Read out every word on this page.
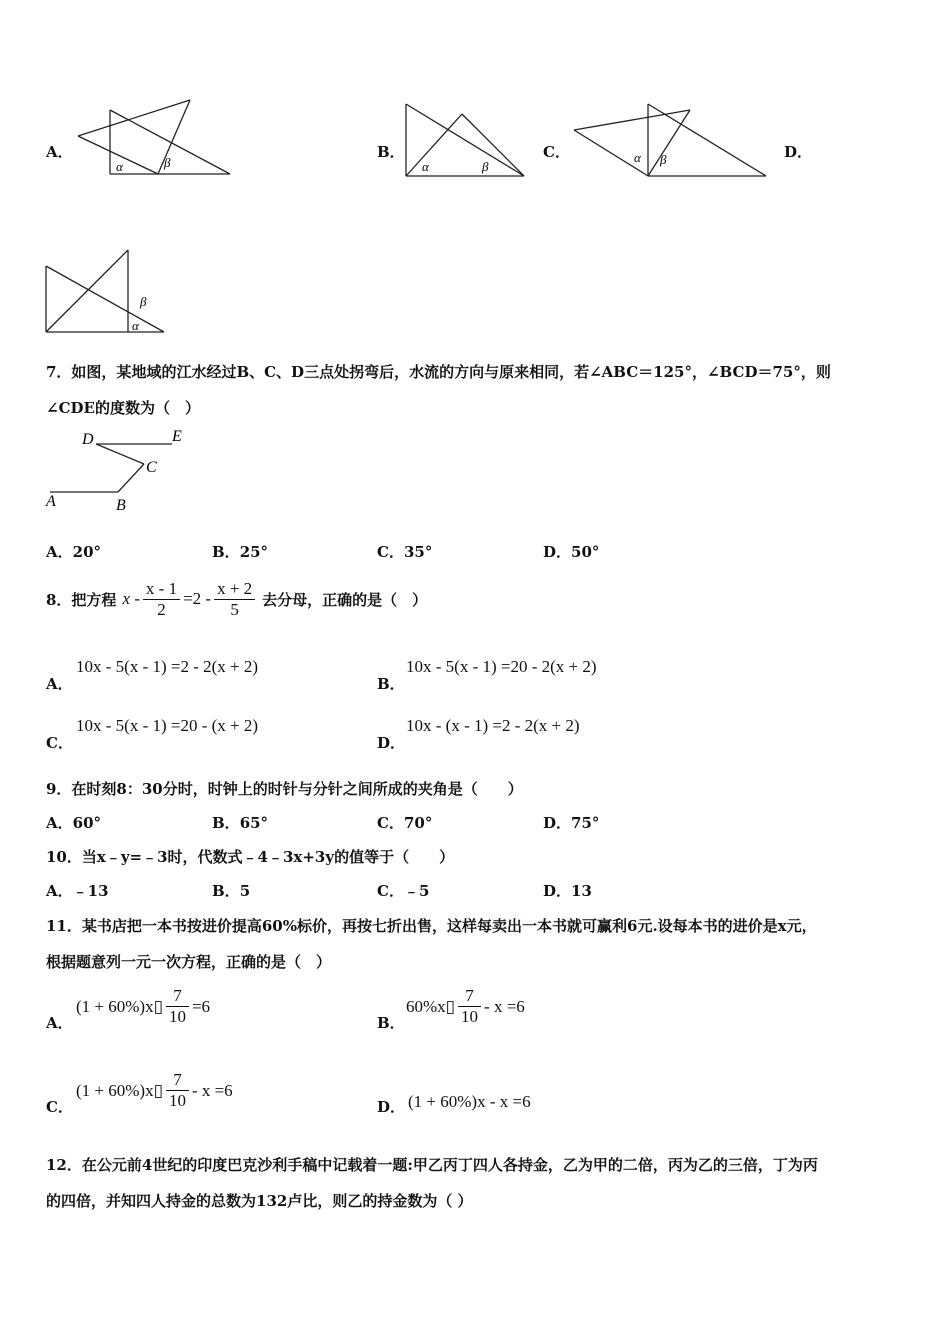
A．
α	β
B．
α	β
C．	α β	D．
α
β
7．如图，某地域的江水经过B、C、D三点处拐弯后，水流的方向与原来相同，若∠ABC＝125°，∠BCD＝75°，则
∠CDE的度数为（　）
A	B
C
D	E
A．20°	B．25°	C．35°	D．50°
8．把方程 $x - \frac{x - 1}{2} =2 - \frac{x + 2}{5}$ 去分母，正确的是（　）
A．
10x - 5(x - 1) =2 - 2(x + 2)
B．
10x - 5(x - 1) =20 - 2(x + 2)
C．
10x - 5(x - 1) =20 - (x + 2)
D．
10x - (x - 1) =2 - 2(x + 2)
9．在时刻8：30分时，时钟上的时针与分针之间所成的夹角是（　　）
A．60°	B．65°	C．70°	D．75°
10．当x﹣y=﹣3时，代数式﹣4﹣3x+3y的值等于（　　）
A．﹣13	B．5	C．﹣5	D．13
11．某书店把一本书按进价提高60%标价，再按七折出售，这样每卖出一本书就可赢利6元.设每本书的进价是x元，
根据题意列一元一次方程，正确的是（　）
A．
(1 + 60%)x ▯ $\frac{7}{10} =6$
B．
60%x ▯ $\frac{7}{10} - x =6$
C．
(1 + 60%)x ▯ $\frac{7}{10} - x =6$
D． (1 + 60%)x - x =6
12．在公元前4世纪的印度巴克沙利手稿中记载着一题:甲乙丙丁四人各持金，乙为甲的二倍，丙为乙的三倍，丁为丙
的四倍，并知四人持金的总数为132卢比，则乙的持金数为（ ）
